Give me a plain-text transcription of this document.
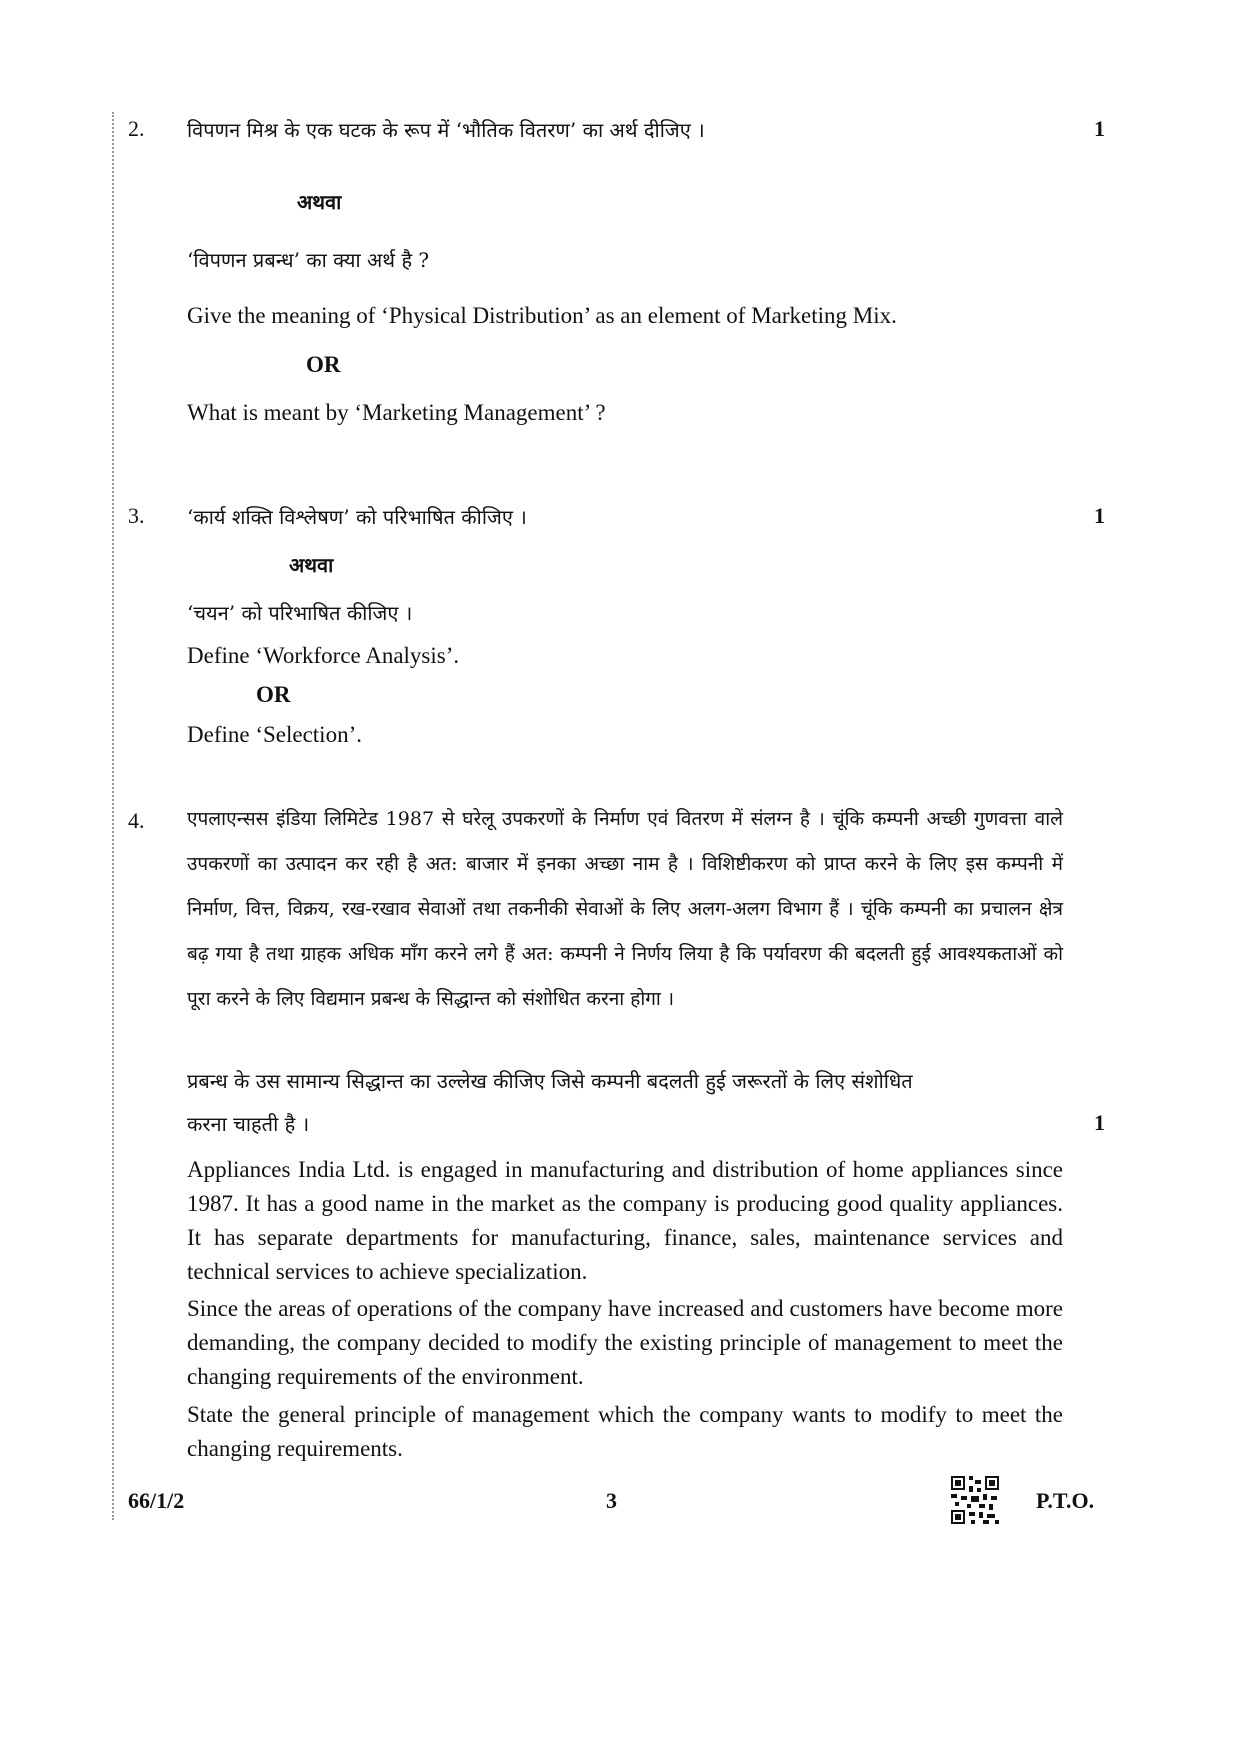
2.	1
विपणन मिश्र के एक घटक के रूप में ‘भौतिक वितरण’ का अर्थ दीजिए ।
अथवा
‘विपणन प्रबन्ध’ का क्या अर्थ है ?
Give the meaning of ‘Physical Distribution’ as an element of Marketing Mix.
OR
What is meant by ‘Marketing Management’ ?
3.	1
‘कार्य शक्ति विश्लेषण’ को परिभाषित कीजिए ।
अथवा
‘चयन’ को परिभाषित कीजिए ।
Define ‘Workforce Analysis’.
OR
Define ‘Selection’.
4. एपलाएन्सस इंडिया लिमिटेड 1987 से घरेलू उपकरणों के निर्माण एवं वितरण में संलग्न है । चूंकि कम्पनी अच्छी गुणवत्ता वाले उपकरणों का उत्पादन कर रही है अत: बाजार में इनका अच्छा नाम है । विशिष्टीकरण को प्राप्त करने के लिए इस कम्पनी में निर्माण, वित्त, विक्रय, रख-रखाव सेवाओं तथा तकनीकी सेवाओं के लिए अलग-अलग विभाग हैं । चूंकि कम्पनी का प्रचालन क्षेत्र बढ़ गया है तथा ग्राहक अधिक माँग करने लगे हैं अत: कम्पनी ने निर्णय लिया है कि पर्यावरण की बदलती हुई आवश्यकताओं को पूरा करने के लिए विद्यमान प्रबन्ध के सिद्धान्त को संशोधित करना होगा ।
प्रबन्ध के उस सामान्य सिद्धान्त का उल्लेख कीजिए जिसे कम्पनी बदलती हुई जरूरतों के लिए संशोधित
करना चाहती है ।	1
Appliances India Ltd. is engaged in manufacturing and distribution of home appliances since 1987. It has a good name in the market as the company is producing good quality appliances. It has separate departments for manufacturing, finance, sales, maintenance services and technical services to achieve specialization.
Since the areas of operations of the company have increased and customers have become more demanding, the company decided to modify the existing principle of management to meet the changing requirements of the environment.
State the general principle of management which the company wants to modify to meet the changing requirements.
66/1/2	3	P.T.O.
